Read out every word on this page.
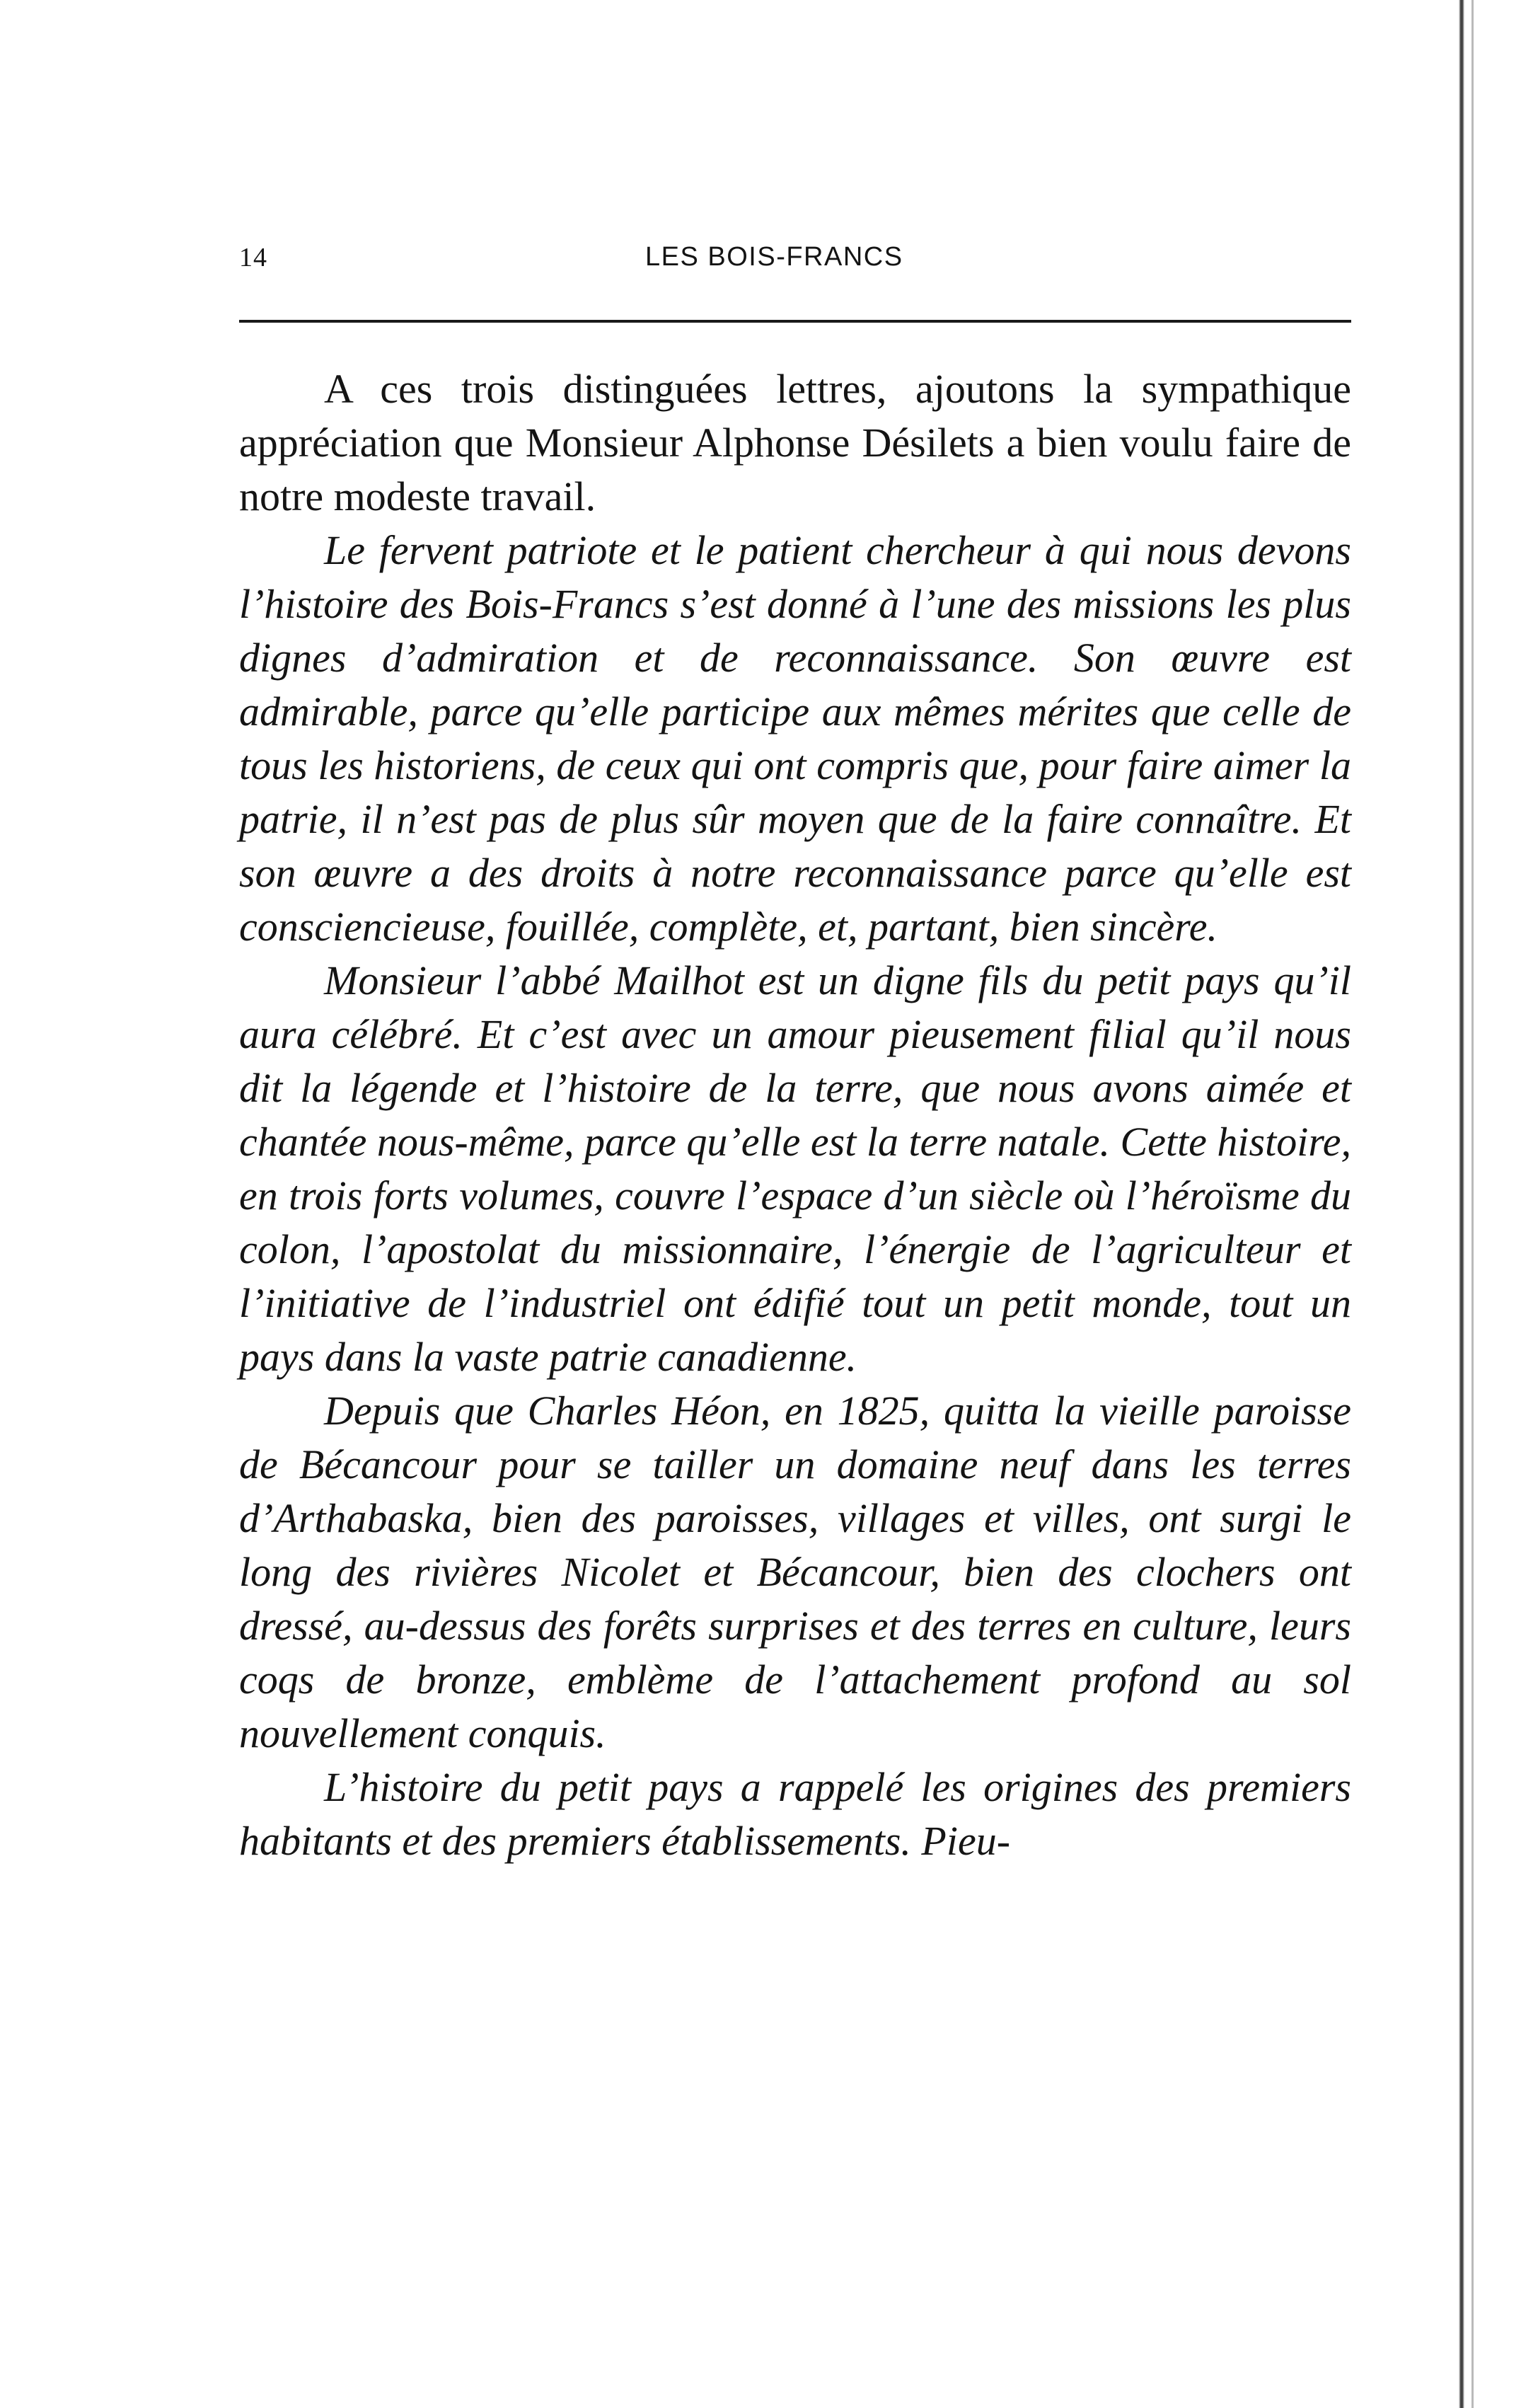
14	LES BOIS-FRANCS

A ces trois distinguées lettres, ajoutons la sympathique appréciation que Monsieur Alphonse Désilets a bien voulu faire de notre modeste travail.

Le fervent patriote et le patient chercheur à qui nous devons l’histoire des Bois-Francs s’est donné à l’une des missions les plus dignes d’admiration et de reconnaissance. Son œuvre est admirable, parce qu’elle participe aux mêmes mérites que celle de tous les historiens, de ceux qui ont compris que, pour faire aimer la patrie, il n’est pas de plus sûr moyen que de la faire connaître. Et son œuvre a des droits à notre reconnaissance parce qu’elle est consciencieuse, fouillée, complète, et, partant, bien sincère.

Monsieur l’abbé Mailhot est un digne fils du petit pays qu’il aura célébré. Et c’est avec un amour pieusement filial qu’il nous dit la légende et l’histoire de la terre, que nous avons aimée et chantée nous-même, parce qu’elle est la terre natale. Cette histoire, en trois forts volumes, couvre l’espace d’un siècle où l’héroïsme du colon, l’apostolat du missionnaire, l’énergie de l’agriculteur et l’initiative de l’industriel ont édifié tout un petit monde, tout un pays dans la vaste patrie canadienne.

Depuis que Charles Héon, en 1825, quitta la vieille paroisse de Bécancour pour se tailler un domaine neuf dans les terres d’Arthabaska, bien des paroisses, villages et villes, ont surgi le long des rivières Nicolet et Bécancour, bien des clochers ont dressé, au-dessus des forêts surprises et des terres en culture, leurs coqs de bronze, emblème de l’attachement profond au sol nouvellement conquis.

L’histoire du petit pays a rappelé les origines des premiers habitants et des premiers établissements. Pieu-
